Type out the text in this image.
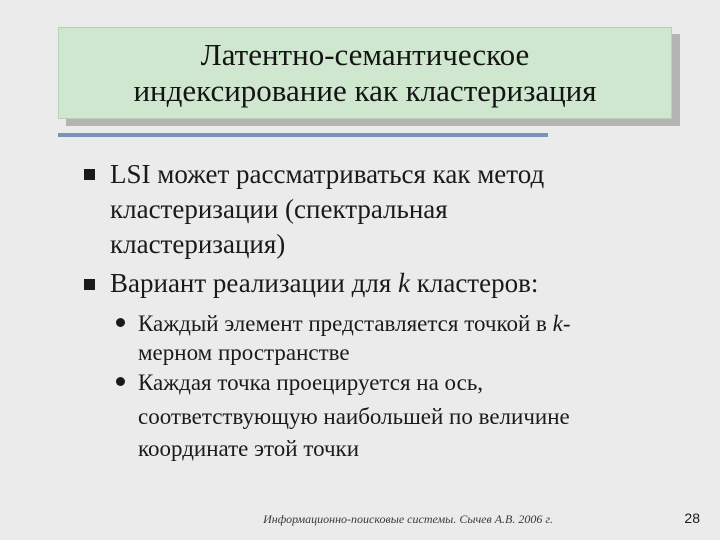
Латентно-семантическое
индексирование как кластеризация
LSI может рассматриваться как метод
кластеризации (спектральная
кластеризация)
Вариант реализации для k кластеров:
Каждый элемент представляется точкой в k-
мерном пространстве
Каждая точка проецируется на ось,
соответствующую наибольшей по величине
координате этой точки
Информационно-поисковые системы. Сычев А.В. 2006 г.	28
